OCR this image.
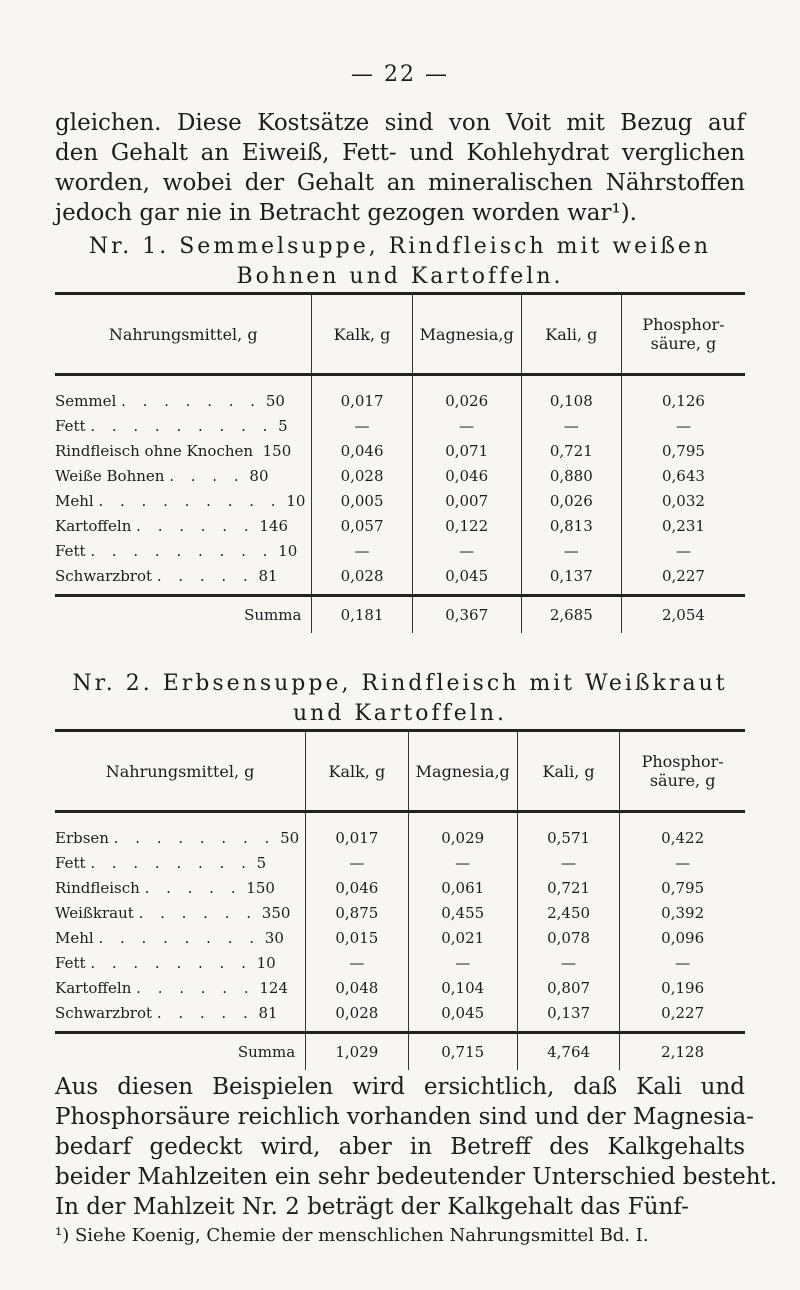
— 22 —
gleichen. Diese Kostsätze sind von Voit mit Bezug auf
den Gehalt an Eiweiß, Fett- und Kohlehydrat verglichen
worden, wobei der Gehalt an mineralischen Nährstoffen
jedoch gar nie in Betracht gezogen worden war¹).
Nr. 1. Semmelsuppe, Rindfleisch mit weißen
Bohnen und Kartoffeln.
Nahrungsmittel, g	Kalk, g	Magnesia,g	Kali, g	Phosphor-säure, g
Semmel . . . . . . . 50	0,017	0,026	0,108	0,126
Fett . . . . . . . . . 5	—	—	—	—
Rindfleisch ohne Knochen 150	0,046	0,071	0,721	0,795
Weiße Bohnen . . . . 80	0,028	0,046	0,880	0,643
Mehl . . . . . . . . . 10	0,005	0,007	0,026	0,032
Kartoffeln . . . . . . 146	0,057	0,122	0,813	0,231
Fett . . . . . . . . . 10	—	—	—	—
Schwarzbrot . . . . . 81	0,028	0,045	0,137	0,227
Summa	0,181	0,367	2,685	2,054
Nr. 2. Erbsensuppe, Rindfleisch mit Weißkraut
und Kartoffeln.
Nahrungsmittel, g	Kalk, g	Magnesia,g	Kali, g	Phosphor-säure, g
Erbsen . . . . . . . . 50	0,017	0,029	0,571	0,422
Fett . . . . . . . . 5	—	—	—	—
Rindfleisch . . . . . 150	0,046	0,061	0,721	0,795
Weißkraut . . . . . . 350	0,875	0,455	2,450	0,392
Mehl . . . . . . . . 30	0,015	0,021	0,078	0,096
Fett . . . . . . . . 10	—	—	—	—
Kartoffeln . . . . . . 124	0,048	0,104	0,807	0,196
Schwarzbrot . . . . . 81	0,028	0,045	0,137	0,227
Summa	1,029	0,715	4,764	2,128
Aus diesen Beispielen wird ersichtlich, daß Kali und
Phosphorsäure reichlich vorhanden sind und der Magnesia-
bedarf gedeckt wird, aber in Betreff des Kalkgehalts
beider Mahlzeiten ein sehr bedeutender Unterschied besteht.
In der Mahlzeit Nr. 2 beträgt der Kalkgehalt das Fünf-
¹) Siehe Koenig, Chemie der menschlichen Nahrungsmittel Bd. I.
